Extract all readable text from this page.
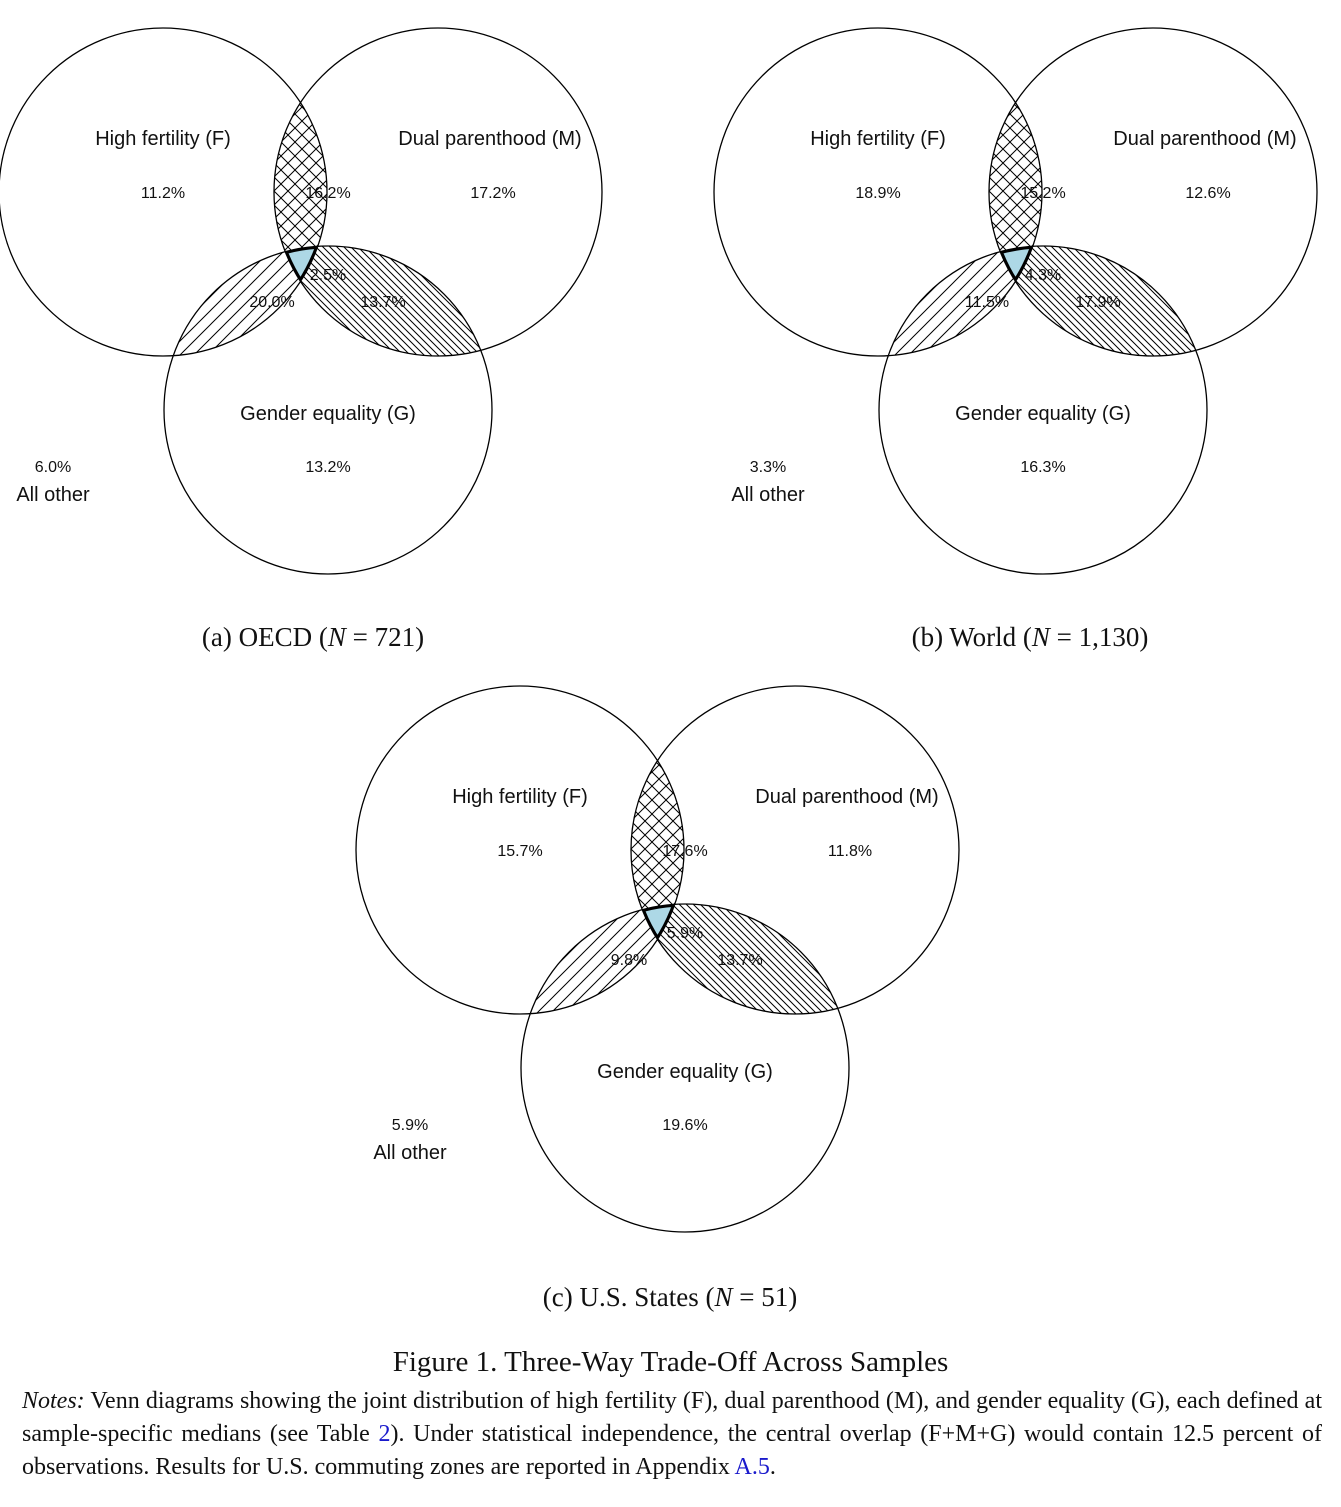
High fertility (F)	Dual parenthood (M)
Gender equality (G)
11.2%	17.2%
13.2%
16.2%
20.0%	13.7%
2.5%
6.0%
All other
(a) OECD (N = 721)
High fertility (F)	Dual parenthood (M)
Gender equality (G)
18.9%	12.6%
16.3%
15.2%
11.5%	17.9%
4.3%
3.3%
All other
(b) World (N = 1,130)
High fertility (F)	Dual parenthood (M)
Gender equality (G)
15.7%	11.8%
19.6%
17.6%
9.8%	13.7%
5.9%
5.9%
All other
(c) U.S. States (N = 51)
Figure 1. Three-Way Trade-Off Across Samples
Notes: Venn diagrams showing the joint distribution of high fertility (F), dual parenthood (M), and gender equality (G), each defined at sample-specific medians (see Table 2). Under statistical independence, the central overlap (F+M+G) would contain 12.5 percent of observations. Results for U.S. commuting zones are reported in Appendix A.5.
